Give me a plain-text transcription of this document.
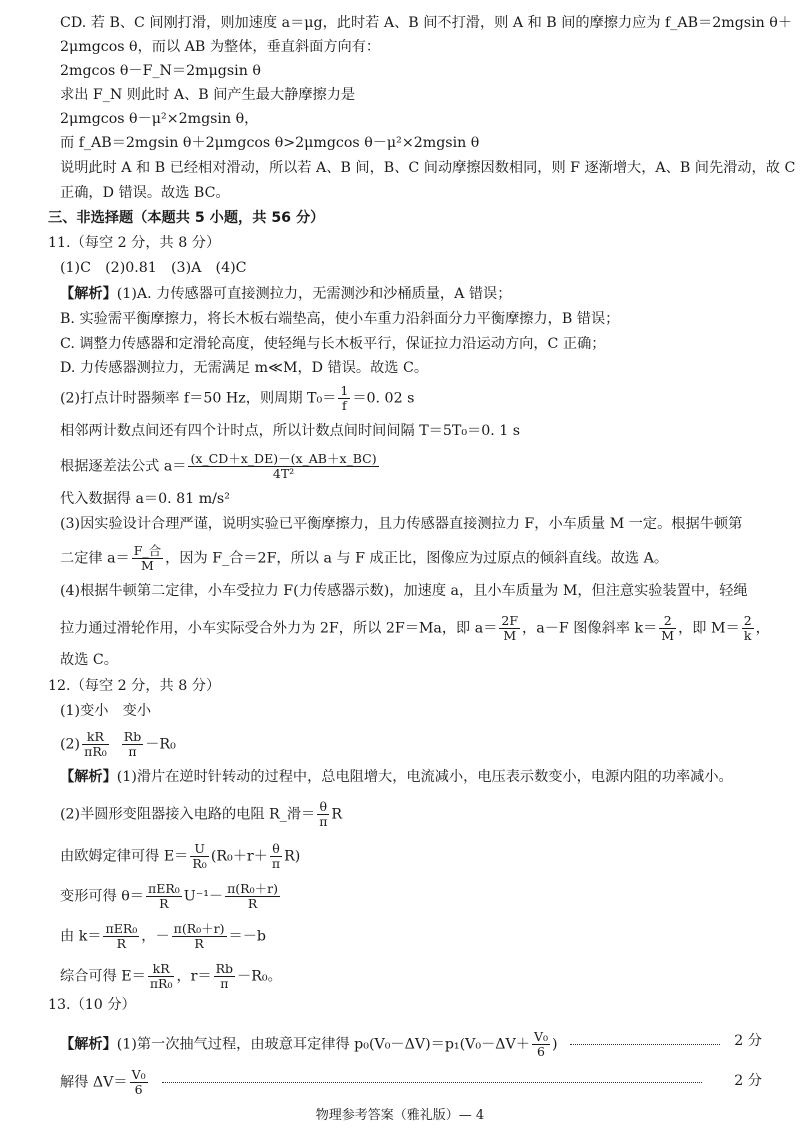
CD. 若 B、C 间刚打滑，则加速度 a＝μg，此时若 A、B 间不打滑，则 A 和 B 间的摩擦力应为 f_AB＝2mgsin θ＋
2μmgcos θ，而以 AB 为整体，垂直斜面方向有：
2mgcos θ－F_N＝2mμgsin θ
求出 F_N 则此时 A、B 间产生最大静摩擦力是
2μmgcos θ－μ²×2mgsin θ，
而 f_AB＝2mgsin θ＋2μmgcos θ>2μmgcos θ－μ²×2mgsin θ
说明此时 A 和 B 已经相对滑动，所以若 A、B 间，B、C 间动摩擦因数相同，则 F 逐渐增大，A、B 间先滑动，故 C
正确，D 错误。故选 BC。
三、非选择题（本题共 5 小题，共 56 分）
11.（每空 2 分，共 8 分）
(1)C　(2)0.81　(3)A　(4)C
【解析】(1)A. 力传感器可直接测拉力，无需测沙和沙桶质量，A 错误；
B. 实验需平衡摩擦力，将长木板右端垫高，使小车重力沿斜面分力平衡摩擦力，B 错误；
C. 调整力传感器和定滑轮高度，使轻绳与长木板平行，保证拉力沿运动方向，C 正确；
D. 力传感器测拉力，无需满足 m≪M，D 错误。故选 C。
(2)打点计时器频率 f＝50 Hz，则周期 $T_0= \frac{1}{f} =0$. 02 s
相邻两计数点间还有四个计时点，所以计数点间时间间隔 T＝5T₀＝0. 1 s
根据逐差法公式 $a= \frac{(x\_CD+x\_DE)-(x\_AB+x\_BC)}{\text{4T²}}$
代入数据得 a＝0. 81 m/s²
(3)因实验设计合理严谨，说明实验已平衡摩擦力，且力传感器直接测拉力 F，小车质量 M 一定。根据牛顿第
二定律 $a= \frac{\text{F\_合}}{M}$ ，因为 F_合＝2F，所以 a 与 F 成正比，图像应为过原点的倾斜直线。故选 A。
(4)根据牛顿第二定律，小车受拉力 F(力传感器示数)，加速度 a，且小车质量为 M，但注意实验装置中，轻绳
拉力通过滑轮作用，小车实际受合外力为 2F，所以 2F＝Ma，即 $a= \frac{2F}{M}$ ，a－F 图像斜率 $k= \frac{2}{M}$ ，即 $M= \frac{2}{k}$ ，
故选 C。
12.（每空 2 分，共 8 分）
(1)变小　变小
$(2) \frac{kR}{\text{πR₀}}$
$\frac{Rb}{\pi} -R_0$
【解析】(1)滑片在逆时针转动的过程中，总电阻增大，电流减小，电压表示数变小，电源内阻的功率减小。
(2)半圆形变阻器接入电路的电阻 R_滑＝ $\frac{\theta}{\pi}$ R
由欧姆定律可得 $E= \frac{U}{\text{R₀}} (R_0+r+ \frac{\theta}{\pi} R)$
变形可得 $\theta= \frac{\text{πER₀}}{R} U^{-1}- \frac{\text{π(R₀＋r)}}{R}$
由 $k= \frac{\text{πER₀}}{R}$ ，－ $\frac{\text{π(R₀＋r)}}{R} =-b$
综合可得 $E= \frac{kR}{\text{πR₀}}$ ，$r= \frac{Rb}{\pi} -R_0$。
13.（10 分）
【解析】(1)第一次抽气过程，由玻意耳定律得 $p_0(V_0-\Delta V)=p_1(V_0-\Delta V+ \frac{\text{V₀}}{6}$ )	2 分
解得 $\Delta V= \frac{\text{V₀}}{6}$
	2 分
物理参考答案（雅礼版）— 4
